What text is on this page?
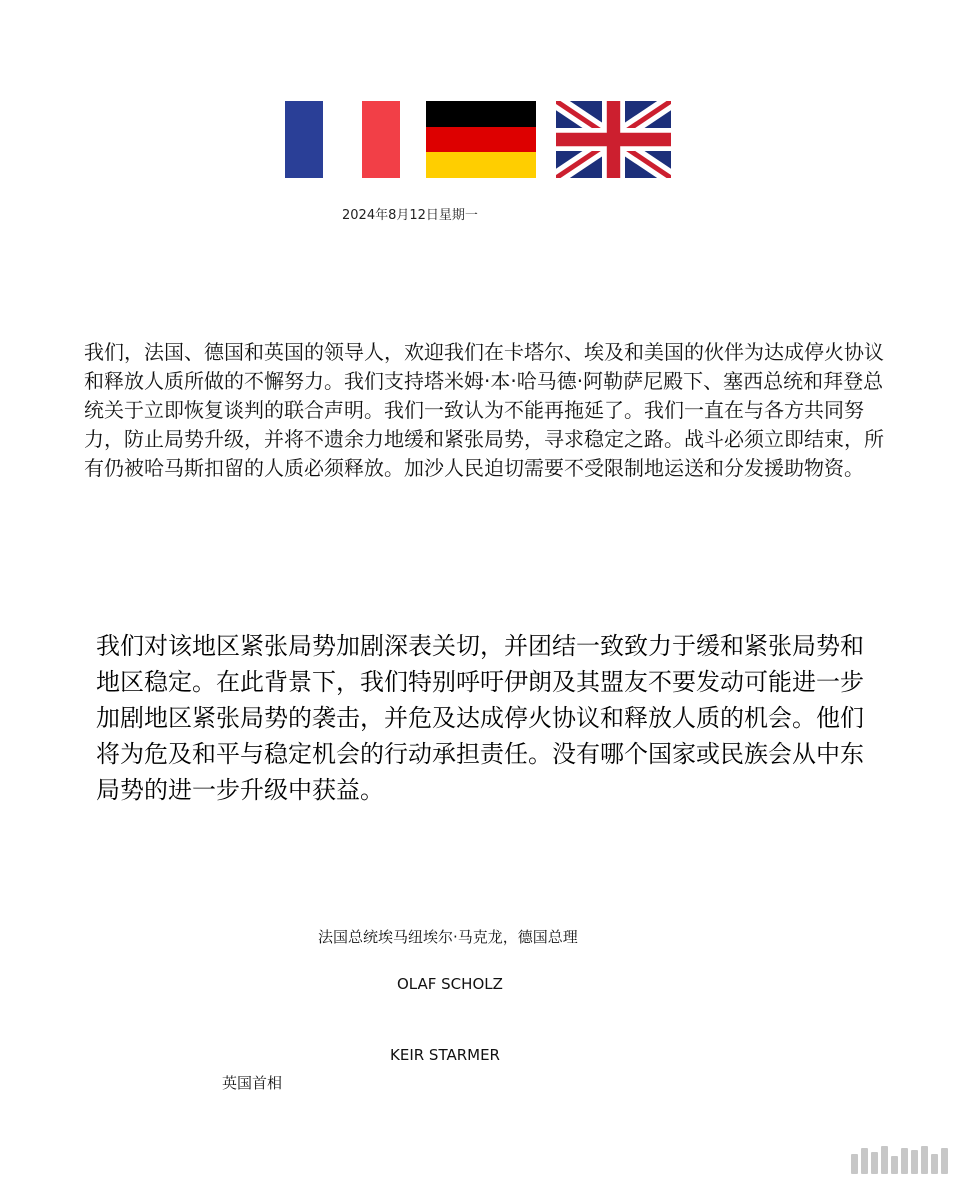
2024年8月12日星期一

我们，法国、德国和英国的领导人，欢迎我们在卡塔尔、埃及和美国的伙伴为达成停火协议和释放人质所做的不懈努力。我们支持塔米姆·本·哈马德·阿勒萨尼殿下、塞西总统和拜登总统关于立即恢复谈判的联合声明。我们一致认为不能再拖延了。我们一直在与各方共同努力，防止局势升级，并将不遗余力地缓和紧张局势，寻求稳定之路。战斗必须立即结束，所有仍被哈马斯扣留的人质必须释放。加沙人民迫切需要不受限制地运送和分发援助物资。

我们对该地区紧张局势加剧深表关切，并团结一致致力于缓和紧张局势和地区稳定。在此背景下，我们特别呼吁伊朗及其盟友不要发动可能进一步加剧地区紧张局势的袭击，并危及达成停火协议和释放人质的机会。他们将为危及和平与稳定机会的行动承担责任。没有哪个国家或民族会从中东局势的进一步升级中获益。

法国总统埃马纽埃尔·马克龙，德国总理
OLAF SCHOLZ
KEIR STARMER
英国首相
